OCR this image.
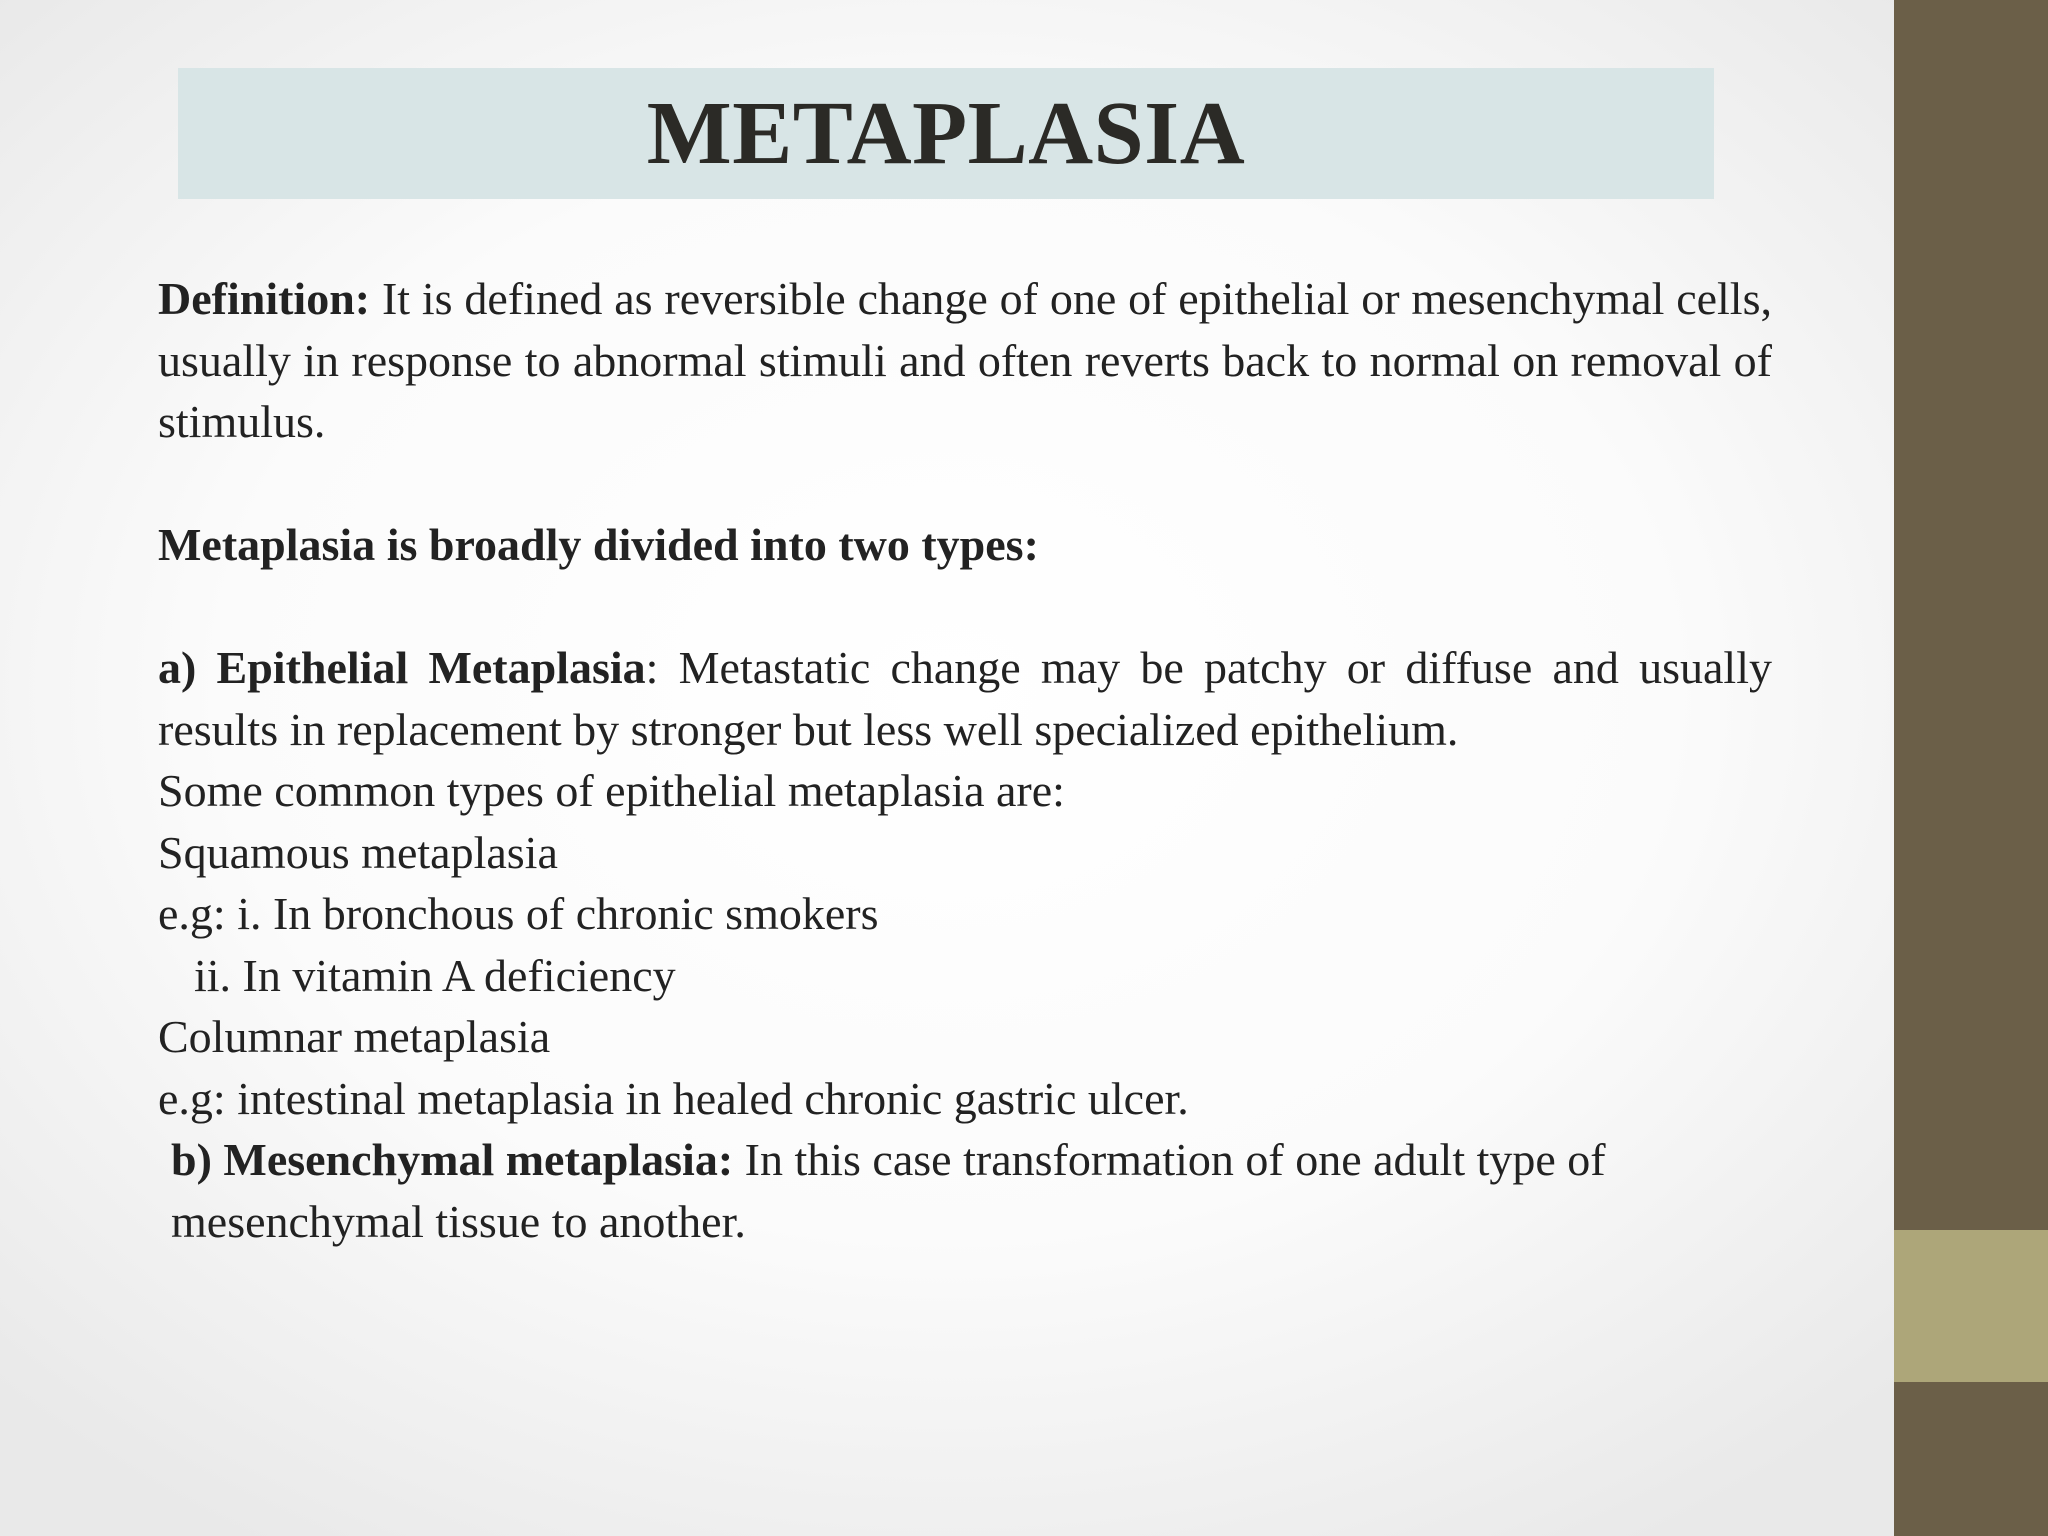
METAPLASIA

Definition: It is defined as reversible change of one of epithelial or mesenchymal cells, usually in response to abnormal stimuli and often reverts back to normal on removal of stimulus.

Metaplasia is broadly divided into two types:

a) Epithelial Metaplasia: Metastatic change may be patchy or diffuse and usually results in replacement by stronger but less well specialized epithelium.

Some common types of epithelial metaplasia are:

Squamous metaplasia

e.g: i. In bronchous of chronic smokers

ii. In vitamin A deficiency

Columnar metaplasia

e.g: intestinal metaplasia in healed chronic gastric ulcer.

b) Mesenchymal metaplasia: In this case transformation of one adult type of mesenchymal tissue to another.
